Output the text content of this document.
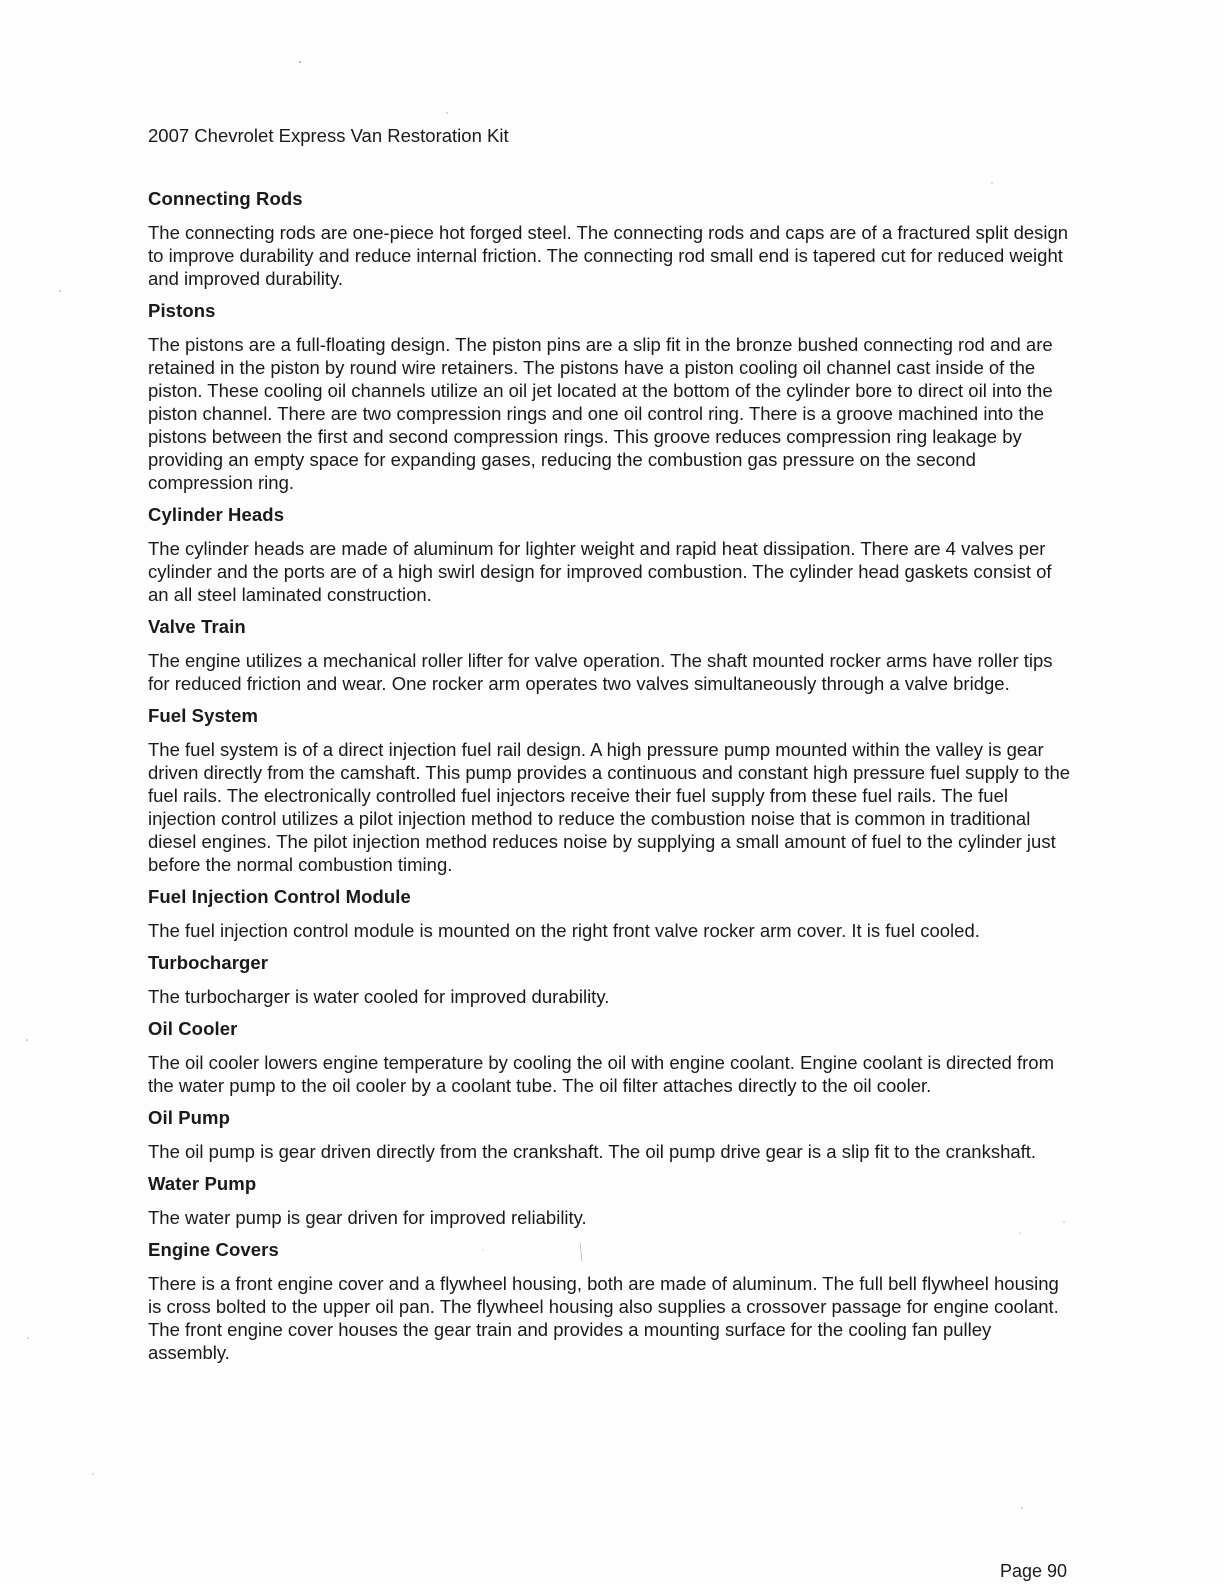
2007 Chevrolet Express Van Restoration Kit
Connecting Rods

The connecting rods are one-piece hot forged steel. The connecting rods and caps are of a fractured split design to improve durability and reduce internal friction. The connecting rod small end is tapered cut for reduced weight and improved durability.

Pistons

The pistons are a full-floating design. The piston pins are a slip fit in the bronze bushed connecting rod and are retained in the piston by round wire retainers. The pistons have a piston cooling oil channel cast inside of the piston. These cooling oil channels utilize an oil jet located at the bottom of the cylinder bore to direct oil into the piston channel. There are two compression rings and one oil control ring. There is a groove machined into the pistons between the first and second compression rings. This groove reduces compression ring leakage by providing an empty space for expanding gases, reducing the combustion gas pressure on the second compression ring.

Cylinder Heads

The cylinder heads are made of aluminum for lighter weight and rapid heat dissipation. There are 4 valves per cylinder and the ports are of a high swirl design for improved combustion. The cylinder head gaskets consist of an all steel laminated construction.

Valve Train

The engine utilizes a mechanical roller lifter for valve operation. The shaft mounted rocker arms have roller tips for reduced friction and wear. One rocker arm operates two valves simultaneously through a valve bridge.

Fuel System

The fuel system is of a direct injection fuel rail design. A high pressure pump mounted within the valley is gear driven directly from the camshaft. This pump provides a continuous and constant high pressure fuel supply to the fuel rails. The electronically controlled fuel injectors receive their fuel supply from these fuel rails. The fuel injection control utilizes a pilot injection method to reduce the combustion noise that is common in traditional diesel engines. The pilot injection method reduces noise by supplying a small amount of fuel to the cylinder just before the normal combustion timing.

Fuel Injection Control Module

The fuel injection control module is mounted on the right front valve rocker arm cover. It is fuel cooled.

Turbocharger

The turbocharger is water cooled for improved durability.

Oil Cooler

The oil cooler lowers engine temperature by cooling the oil with engine coolant. Engine coolant is directed from the water pump to the oil cooler by a coolant tube. The oil filter attaches directly to the oil cooler.

Oil Pump

The oil pump is gear driven directly from the crankshaft. The oil pump drive gear is a slip fit to the crankshaft.

Water Pump

The water pump is gear driven for improved reliability.

Engine Covers

There is a front engine cover and a flywheel housing, both are made of aluminum. The full bell flywheel housing is cross bolted to the upper oil pan. The flywheel housing also supplies a crossover passage for engine coolant. The front engine cover houses the gear train and provides a mounting surface for the cooling fan pulley assembly.

Page 90
